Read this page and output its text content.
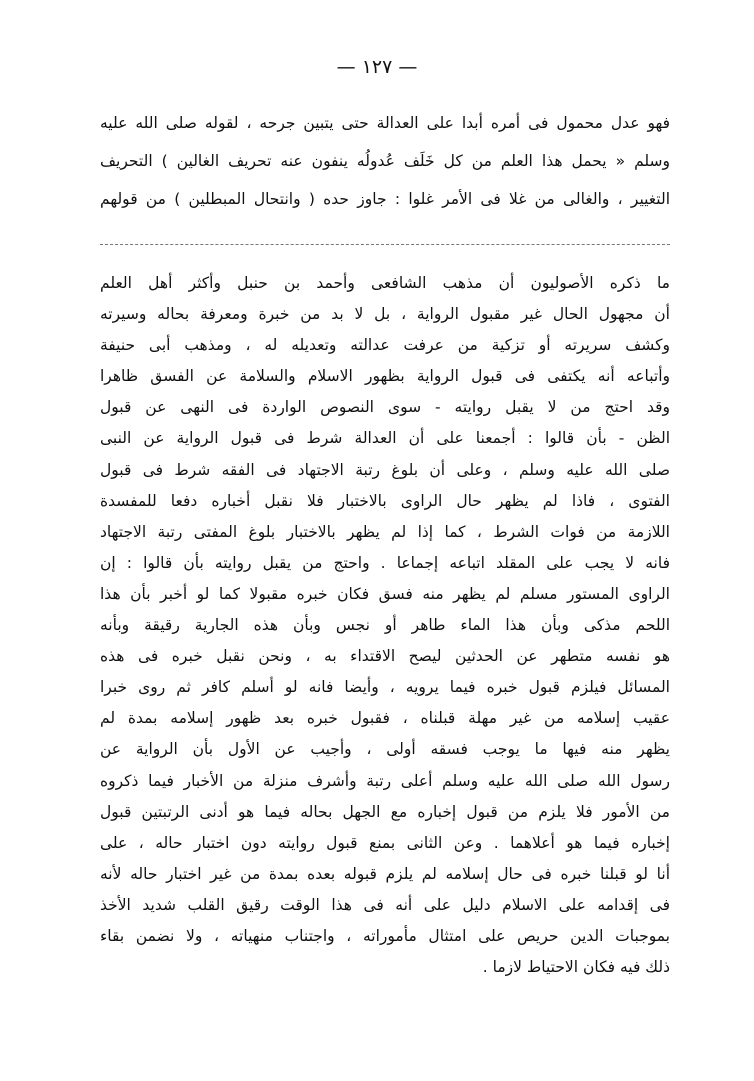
— ١٢٧ —
فهو عدل محمول فى أمره أبدا على العدالة حتى يتبين جرحه ، لقوله صلى الله عليه
وسلم « يحمل هذا العلم من كل خَلَف عُدولُه ينفون عنه تحريف الغالين ) التحريف
التغيير ، والغالى من غلا فى الأمر غلوا : جاوز حده ( وانتحال المبطلين ) من قولهم
ما ذكره الأصوليون أن مذهب الشافعى وأحمد بن حنبل وأكثر أهل العلم
أن مجهول الحال غير مقبول الرواية ، بل لا بد من خبرة ومعرفة بحاله وسيرته
وكشف سريرته أو تزكية من عرفت عدالته وتعديله له ، ومذهب أبى حنيفة
وأتباعه أنه يكتفى فى قبول الرواية بظهور الاسلام والسلامة عن الفسق ظاهرا
وقد احتج من لا يقبل روايته - سوى النصوص الواردة فى النهى عن قبول
الظن - بأن قالوا : أجمعنا على أن العدالة شرط فى قبول الرواية عن النبى
صلى الله عليه وسلم ، وعلى أن بلوغ رتبة الاجتهاد فى الفقه شرط فى قبول
الفتوى ، فاذا لم يظهر حال الراوى بالاختبار فلا نقبل أخباره دفعا للمفسدة
اللازمة من فوات الشرط ، كما إذا لم يظهر بالاختبار بلوغ المفتى رتبة الاجتهاد
فانه لا يجب على المقلد اتباعه إجماعا . واحتج من يقبل روايته بأن قالوا : إن
الراوى المستور مسلم لم يظهر منه فسق فكان خبره مقبولا كما لو أخبر بأن هذا
اللحم مذكى وبأن هذا الماء طاهر أو نجس وبأن هذه الجارية رقيقة وبأنه
هو نفسه متطهر عن الحدثين ليصح الاقتداء به ، ونحن نقبل خبره فى هذه
المسائل فيلزم قبول خبره فيما يرويه ، وأيضا فانه لو أسلم كافر ثم روى خبرا
عقيب إسلامه من غير مهلة قبلناه ، فقبول خبره بعد ظهور إسلامه بمدة لم
يظهر منه فيها ما يوجب فسقه أولى ، وأجيب عن الأول بأن الرواية عن
رسول الله صلى الله عليه وسلم أعلى رتبة وأشرف منزلة من الأخبار فيما ذكروه
من الأمور فلا يلزم من قبول إخباره مع الجهل بحاله فيما هو أدنى الرتبتين قبول
إخباره فيما هو أعلاهما . وعن الثانى بمنع قبول روايته دون اختبار حاله ، على
أنا لو قبلنا خبره فى حال إسلامه لم يلزم قبوله بعده بمدة من غير اختبار حاله لأنه
فى إقدامه على الاسلام دليل على أنه فى هذا الوقت رقيق القلب شديد الأخذ
بموجبات الدين حريص على امتثال مأموراته ، واجتناب منهياته ، ولا نضمن بقاء
ذلك فيه فكان الاحتياط لازما .
